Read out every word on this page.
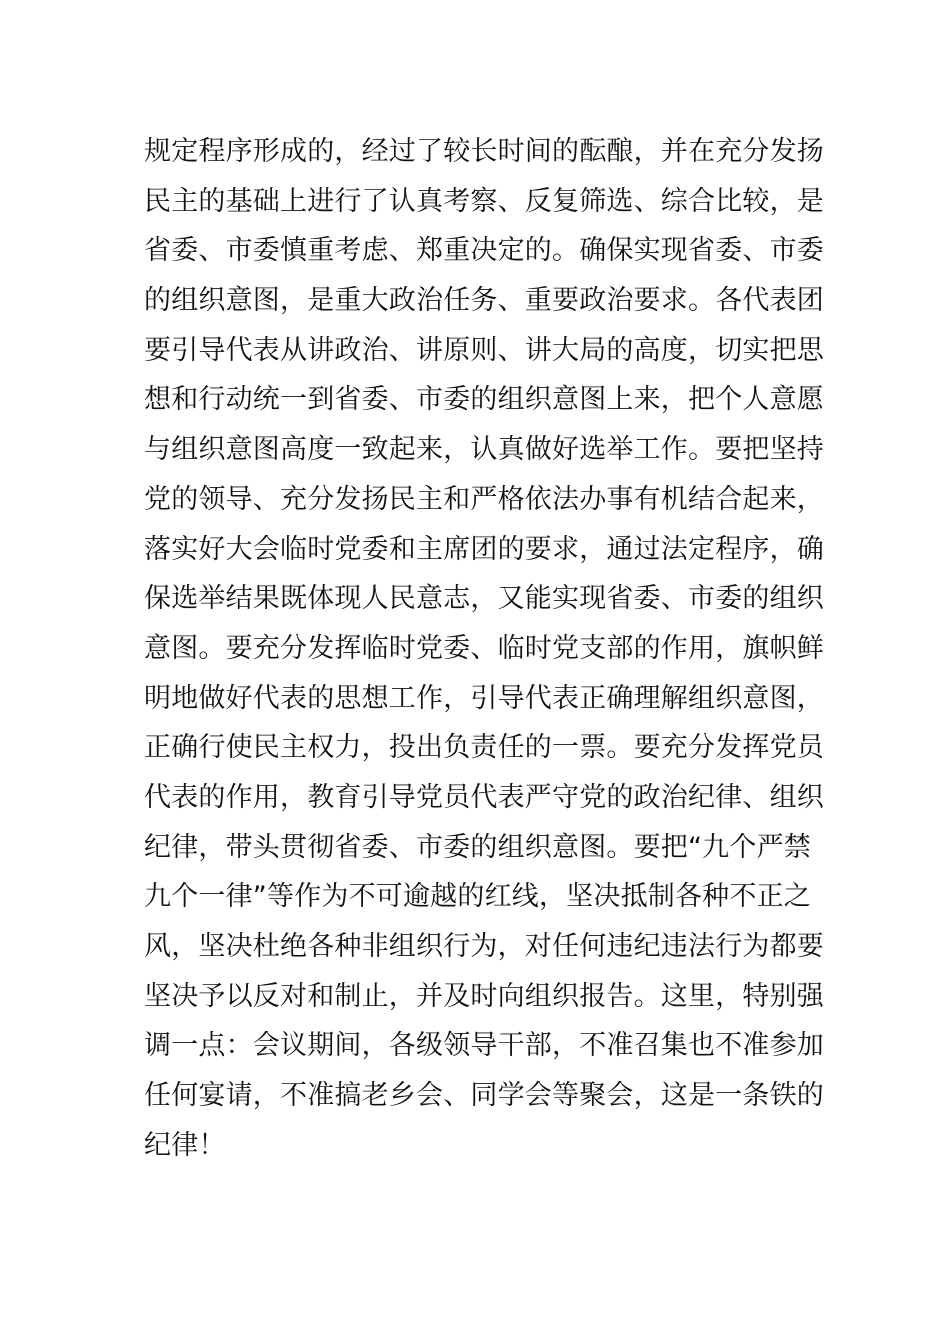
规定程序形成的，经过了较长时间的酝酿，并在充分发扬
民主的基础上进行了认真考察、反复筛选、综合比较，是
省委、市委慎重考虑、郑重决定的。确保实现省委、市委
的组织意图，是重大政治任务、重要政治要求。各代表团
要引导代表从讲政治、讲原则、讲大局的高度，切实把思
想和行动统一到省委、市委的组织意图上来，把个人意愿
与组织意图高度一致起来，认真做好选举工作。要把坚持
党的领导、充分发扬民主和严格依法办事有机结合起来，
落实好大会临时党委和主席团的要求，通过法定程序，确
保选举结果既体现人民意志，又能实现省委、市委的组织
意图。要充分发挥临时党委、临时党支部的作用，旗帜鲜
明地做好代表的思想工作，引导代表正确理解组织意图，
正确行使民主权力，投出负责任的一票。要充分发挥党员
代表的作用，教育引导党员代表严守党的政治纪律、组织
纪律，带头贯彻省委、市委的组织意图。要把“九个严禁
九个一律”等作为不可逾越的红线，坚决抵制各种不正之
风，坚决杜绝各种非组织行为，对任何违纪违法行为都要
坚决予以反对和制止，并及时向组织报告。这里，特别强
调一点：会议期间，各级领导干部，不准召集也不准参加
任何宴请，不准搞老乡会、同学会等聚会，这是一条铁的
纪律！
